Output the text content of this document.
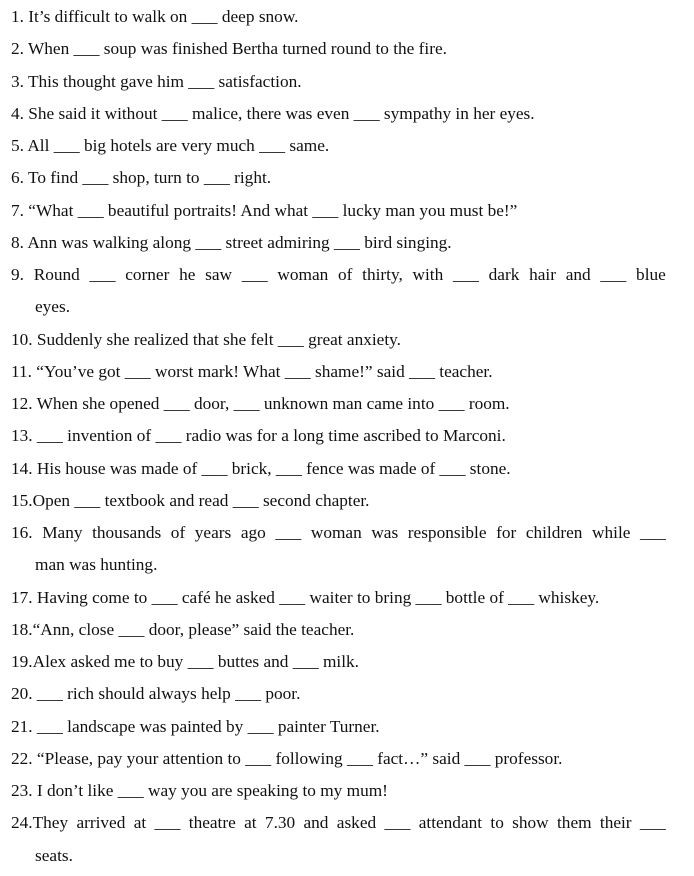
1. It’s difficult to walk on ___ deep snow.
2. When ___ soup was finished Bertha turned round to the fire.
3. This thought gave him ___ satisfaction.
4. She said it without ___ malice, there was even ___ sympathy in her eyes.
5. All ___ big hotels are very much ___ same.
6. To find ___ shop, turn to ___ right.
7. “What ___ beautiful portraits! And what ___ lucky man you must be!”
8. Ann was walking along ___ street admiring ___ bird singing.
9. Round ___ corner he saw ___ woman of thirty, with ___ dark hair and ___ blue
eyes.
10. Suddenly she realized that she felt ___ great anxiety.
11. “You’ve got ___ worst mark! What ___ shame!” said ___ teacher.
12. When she opened ___ door, ___ unknown man came into ___ room.
13. ___ invention of ___ radio was for a long time ascribed to Marconi.
14. His house was made of ___ brick, ___ fence was made of ___ stone.
15.Open ___ textbook and read ___ second chapter.
16. Many thousands of years ago ___ woman was responsible for children while ___
man was hunting.
17. Having come to ___ café he asked ___ waiter to bring ___ bottle of ___ whiskey.
18.“Ann, close ___ door, please” said the teacher.
19.Alex asked me to buy ___ buttes and ___ milk.
20. ___ rich should always help ___ poor.
21. ___ landscape was painted by ___ painter Turner.
22. “Please, pay your attention to ___ following ___ fact…” said ___ professor.
23. I don’t like ___ way you are speaking to my mum!
24.They arrived at ___ theatre at 7.30 and asked ___ attendant to show them their ___
seats.
